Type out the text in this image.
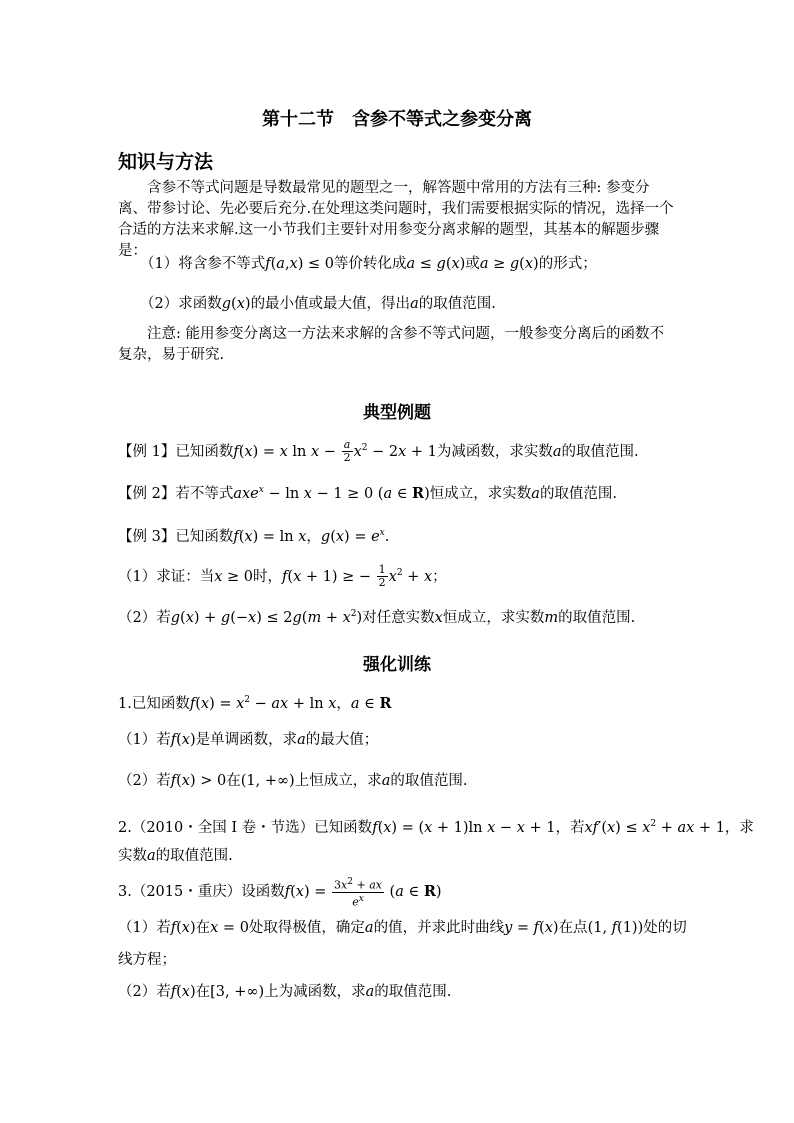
第十二节　含参不等式之参变分离
知识与方法
含参不等式问题是导数最常见的题型之一，解答题中常用的方法有三种: 参变分离、带参讨论、先必要后充分.在处理这类问题时，我们需要根据实际的情况，选择一个合适的方法来求解.这一小节我们主要针对用参变分离求解的题型，其基本的解题步骤是：
（1）将含参不等式f(a,x) ≤ 0等价转化成a ≤ g(x)或a ≥ g(x)的形式；
（2）求函数g(x)的最小值或最大值，得出a的取值范围.
注意: 能用参变分离这一方法来求解的含参不等式问题，一般参变分离后的函数不复杂，易于研究.
典型例题
【例 1】已知函数f(x) = x $\ln x - \frac{a}{2} x^2 - 2x + 1$为减函数，求实数a的取值范围.
【例 2】若不等式axe$^x$ − ln x − 1 ≥ 0 (a ∈ R)恒成立，求实数a的取值范围.
【例 3】已知函数f(x) = ln x，$g(x) = e^x$.
（1）求证：当x ≥ 0时，f(x + 1) ≥ − $\frac{1}{2} x^2 + x$；
（2）若$g(x) + g(-x) \le 2g(m + x^2)$对任意实数x恒成立，求实数m的取值范围.
强化训练
1.已知函数$f(x) = x^2$ − ax + ln x，a ∈ R
（1）若f(x)是单调函数，求a的最大值；
（2）若f(x) > 0在(1, +∞)上恒成立，求a的取值范围.
2.（2010・全国 I 卷・节选）已知函数f(x) = (x + 1)ln x − x + 1，若$xf'(x) \le x^2$ + ax + 1，求
实数a的取值范围.
3.（2015・重庆）设函数$f(x) = \frac{3x^2 + ax}{e^x} (a$ ∈ R)
（1）若f(x)在x = 0处取得极值，确定a的值，并求此时曲线y = f(x)在点(1, f(1))处的切
线方程；
（2）若f(x)在[3, +∞)上为减函数，求a的取值范围.
